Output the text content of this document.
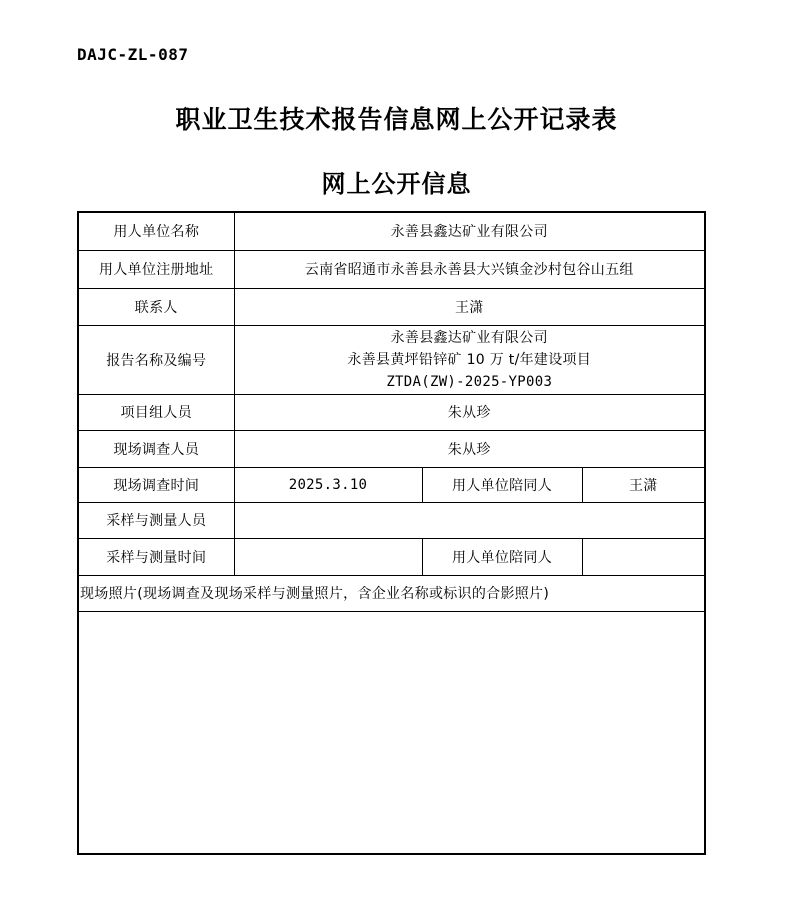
DAJC-ZL-087
职业卫生技术报告信息网上公开记录表
网上公开信息
用人单位名称	永善县鑫达矿业有限公司		
用人单位注册地址	云南省昭通市永善县永善县大兴镇金沙村包谷山五组		
联系人	王潇		
报告名称及编号	永善县鑫达矿业有限公司
永善县黄坪铅锌矿 10 万 t/年建设项目
ZTDA(ZW)-2025-YP003		

项目组人员	朱从珍		
现场调查人员	朱从珍		
现场调查时间	2025.3.10	用人单位陪同人	王潇
采样与测量人员			
采样与测量时间		用人单位陪同人	
现场照片(现场调查及现场采样与测量照片，含企业名称或标识的合影照片)			
